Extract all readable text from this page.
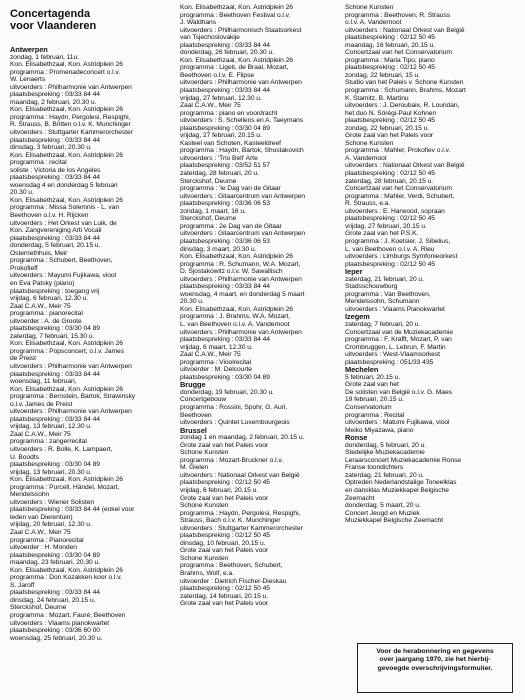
Concertagenda
voor Vlaanderen
Antwerpen
zondag, 1 februari, 11u.
Kon. Elisabethzaal, Kon. Astridplein 26
programma : Promenadeconcert o.l.v.
W. Lenaerts
uitvoerders : Philharmonie van Antwerpen
plaatsbespreking : 03/33 84 44
maandag, 2 februari, 20.30 u.
Kon. Elisabethzaal, Kon. Astridplein 26
programma : Haydn, Pergolesi, Respighi,
R. Strauss, B. Britten o.l.v. K. Munchinger
uitvoerders : Stuttgarter Kammerorchester
plaatsbespreking : 03/33 84 44
dinsdag, 3 februari, 20.30 u.
Kon. Elisabethzaal, Kon. Astridplein 26
programma : recital
soliste : Victoria de los Angeles
plaatsbespreking : 03/33 84 44
woensdag 4 en donderdag 5 februari
20.30 u.
Kon. Elisabethzaal, Kon. Astridplein 26
programma : Missa Solemnis - L. van
Beethoven o.l.v. H. Rijcken
uitvoerders : Het Orkest van Luik, de
Kon. Zangvereniging Arti Vocali
plaatsbespreking : 03/33 84 44
donderdag, 5 februari, 20.15 u.
Osterriethhuis, Meir
programma : Schubert, Beethoven,
Prokofieff
uitvoerders : Mayumi Fujikawa, viool
en Eva Patsky (piano)
plaatsbespreking : toegang vrij
vrijdag, 6 februari, 12.30 u.
Zaal C.A.W., Meir 75
programma : pianorecital
uitvoerder : A. de Groote
plaatsbespreking : 03/30 04 89
zaterdag, 7 februari, 15.30 u.
Kon. Elisabethzaal, Kon. Astridplein 26
programma : Popsconcert, o.l.v. James
de Preist
uitvoerders : Philharmonie van Antwerpen
plaatsbespreking : 03/33 84 44
woensdag, 11 februari,
Kon. Elisabethzaal, Kon. Astridplein 26
programma : Bernstein, Bartok, Strawinsky
o.l.v. James de Preist
uitvoerders : Philharmonie van Antwerpen
plaatsbespreking : 03/33 84 44
vrijdag, 13 februari, 12.30 u.
Zaal C.A.W., Meir 75
programma : zangerrecital
uitvoerders : R. Bolle, K. Lampaert,
U. Boodts
plaatsbespreking : 03/30 04 89
vrijdag, 13 februari, 20.30 u.
Kon. Elisabethzaal, Kon. Astridplein 26
programma : Purcell, Händel, Mozart,
Mendelssohn
uitvoerders : Wiener Solisten
plaatsbespreking : 03/33 84 44 (enkel voor
leden van Dierentuin)
vrijdag, 20 februari, 12.30 u.
Zaal C.A.W., Meir 75
programma : Pianorecital
uitvoerder : H. Monden
plaatsbespreking : 03/30 04 89
maandag, 23 februari, 20.30 u.
Kon. Elisabethzaal, Kon. Astridplein 26
programma : Don Kozakken koor o.l.v.
S. Jaroff
plaatsbespreking : 03/33 84 44
dinsdag, 24 februari, 20.15 u.
Sterckshof, Deurne
programma : Mozart, Fauré, Beethoven
uitvoerders : Vlaams pianokwartet
plaatsbespreking : 03/36 60 00
woensdag, 25 februari, 20.30 u.
Kon. Elisabethzaal, Kon. Astridplein 26
programma : Beethoven Festival o.l.v.
J. Waldhans
uitvoerders : Philharmonisch Staatsorkest
van Tsjechoslovakije
plaatsbespreking : 03/33 84 44
donderdag, 26 februari, 20.30 u.
Kon. Elisabethzaal, Kon. Astridplein 26
programma : Ligeti, de Braal, Mozart,
Beethoven o.l.v. E. Flipse
uitvoerders : Philharmonie van Antwerpen
plaatsbespreking : 03/33 84 44
vrijdag, 27 februari, 12.30 u.
Zaal C.A.W., Meir 75
programma : piano en voordracht
uitvoerders : S. Schellens en A. Taeymans
plaatsbespreking : 03/30 04 89
vrijdag, 27 februari, 20.15 u.
Kasteel van Schoten, Kasteeldreef
programma : Haydn, Bartok, Shostakovich
uitvoerders : 'Trio Bell' Arte
plaatsbespreking : 03/52 51 57
zaterdag, 28 februari, 20 u.
Sterckshof, Deurne
programma : 'le Dag van de Gitaar
uitvoerders : Gitaarcentrum van Antwerpen
plaatsbespreking : 03/36 06 53
zondag, 1 maart, 16 u.
Sterckshof, Deurne
programma : 2e Dag van de Gitaar
uitvoerders : Gitaarcentrum van Antwerpen
plaatsbespreking : 03/36 06 53
dinsdag, 3 maart, 20.30 u.
Kon. Elisabethzaal, Kon. Astridplein 26
programma : R. Schumann, W.A. Mozart,
D. Sjostakowitz o.l.v. W. Sawallisch
uitvoerders : Philharmonie van Antwerpen
plaatsbespreking : 03/33 84 44
woensdag, 4 maart, en donderdag 5 maart
20.30 u.
Kon. Elisabethzaal, Kon. Astridplein 26
programma : J. Brahms, W.A. Mozart,
L. van Beethoven o.l.v. A. Vandernoot
uitvoerders : Philharmonie van Antwerpen
plaatsbespreking : 03/33 84 44
vrijdag, 6 maart, 12.30 u.
Zaal C.A.W., Meir 75
programma : Vioolrecital
uitvoerder : M. Delcourte
plaatsbespreking : 03/30 04 89
Brugge
donderdag, 19 februari, 20.30 u.
Concertgebouw
programma : Rossini, Spohr, G. Auri,
Beethoven
uitvoerders : Quintet Luxembourgeois
Brussel
zondag 1 en maandag, 2 februari, 20.15 u.
Grote zaal van het Paleis voor
Schone Kunsten
programma : Mozart-Bruckner o.l.v.
M. Gielen
uitvoerders : Nationaal Orkest van België
plaatsbespreking : 02/12 50 45
vrijdag, 6 februari, 20.15 u.
Grote zaal van het Paleis voor
Schone Kunsten
programma : Haydn, Pergolesi, Respighi,
Strauss, Bach o.l.v. K. Munchinger
uitvoerders : Stuttgarter Kammerorchester
plaatsbespreking : 02/12 50 45
dinsdag, 10 februari, 20.15 u.
Grote zaal van het Paleis voor
Schone Kunsten
programma : Beethoven, Schubert,
Brahms, Wolf, e.a.
uitvoerder : Dietrich Fischer-Dieskau
plaatsbespreking : 02/12 50 45
zaterdag, 14 februari, 20.15 u.
Grote zaal van het Paleis voor
Schone Kunsten
programma : Beethoven, R. Strauss
o.l.v. A. Vandernoot
uitvoerders : Nationaal Orkest van België
plaatsbespreking : 02/12 50 45
maandag, 16 februari, 20.15 u.
Concertzaal van het Conservatorium
programma : Maria Tipo, piano
plaatsbespreking : 02/12 50 45
zondag, 22 februari, 15 u.
Studio van het Paleis v. Schone Kunsten
programma : Schumann, Brahms, Mozart
K. Stamitz, B. Martinu
uitvoerders : J. Deroubaix, R. Louridan,
het duo N. Sörégi-Paul Kohnen
plaatsbespreking : 02/12 50 45
zondag, 22 februari, 20.15 u.
Grote zaal van het Paleis voor
Schone Kunsten
programma : Mahler, Prokofiev o.l.v.
A. Vandernoot
uitvoerders : Nationaal Orkest van België
plaatsbespreking : 02/12 50 45
zaterdag, 28 februari, 20.15 u.
Concertzaal van het Conservatorium
programma : Mahler, Verdi, Schubert,
R. Strauss, e.a.
uitvoerders : E. Harwood, sopraan
plaatsbespreking : 02/12 50 45
vrijdag, 27 februari, 20.15 u.
Grote zaal van het P.S.K.
programma : J. Koetsier, J. Sibelius,
L. van Beethoven o.l.v. A. Rieu
uitvoerders : Limburgs Symfonieorkest
plaatsbespreking : 02/12 50 45
Ieper
zaterdag, 21 februari, 20 u.
Stadsschouwburg
programma : Van Beethoven,
Mendelssohn, Schumann
uitvoerders : Vlaams Pianokwartet
Izegem
zaterdag, 7 februari, 20 u.
Concertzaal van de Muziekacademie
programma : F. Krafft, Mozart, P. van
Crombruggen, L. Lebrun, F. Martin
uitvoerders : West-Vlaamsorkest
plaatsbespreking : 051/33 435
Mechelen
5 februari, 20.15 u.
Grote zaal van het
De solisten van België o.l.v. G. Maes
19 februari, 20.15 u.
Conservatorium
programma : Recital
uitvoerders : Matumi Fujikawa, viool
Meiko Miyazawa, piano
Ronse
donderdag, 5 februari, 20 u.
Stedelijke Muziekacademie
Leraarsconcert Muziekacademie Ronse
Franse toondichters
zaterdag, 21 februari, 20 u.
Optreden Nederlandstalige Toneelklas
en dansklas Muziekkapel Belgische
Zeemacht
donderdag, 5 maart, 20 u.
Concert Jeugd en Muziek
Muziekkapel Belgische Zeemacht
Voor de herabonnering en gegevens
over jaargang 1970, zie het hierbij-
gevoegde overschrijvingsformulier.
